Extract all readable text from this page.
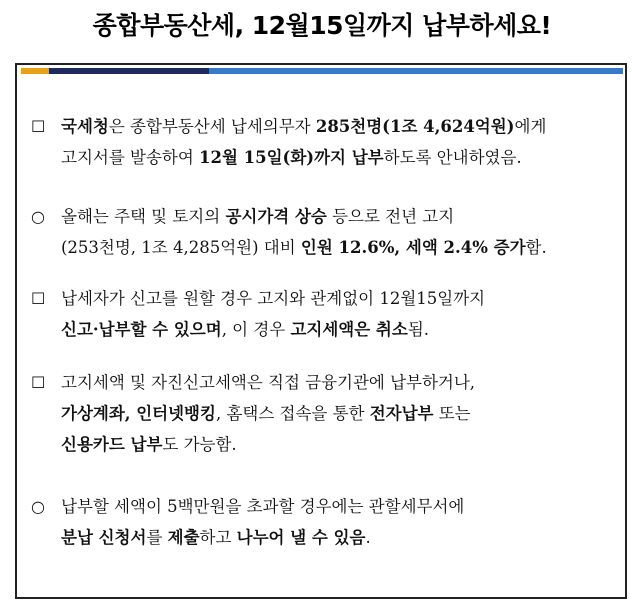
종합부동산세, 12월15일까지 납부하세요!
☐ 국세청 은 종합부동산세 납세의무자 285천명(1조 4,624억원) 에게
고지서를 발송하여 12월 15일(화)까지 납부 하도록 안내하였음.
○ 올해는 주택 및 토지의 공시가격 상승 등으로 전년 고지
(253천명, 1조 4,285억원) 대비 인원 12.6%, 세액 2.4% 증가 함.
☐ 납세자가 신고를 원할 경우 고지와 관계없이 12월15일까지
신고·납부할 수 있으며 , 이 경우 고지세액은 취소 됨.
☐ 고지세액 및 자진신고세액은 직접 금융기관에 납부하거나,
가상계좌, 인터넷뱅킹 , 홈택스 접속을 통한 전자납부 또는
신용카드 납부 도 가능함.
○ 납부할 세액이 5백만원을 초과할 경우에는 관할세무서에
분납 신청서 를 제출 하고 나누어 낼 수 있음 .
